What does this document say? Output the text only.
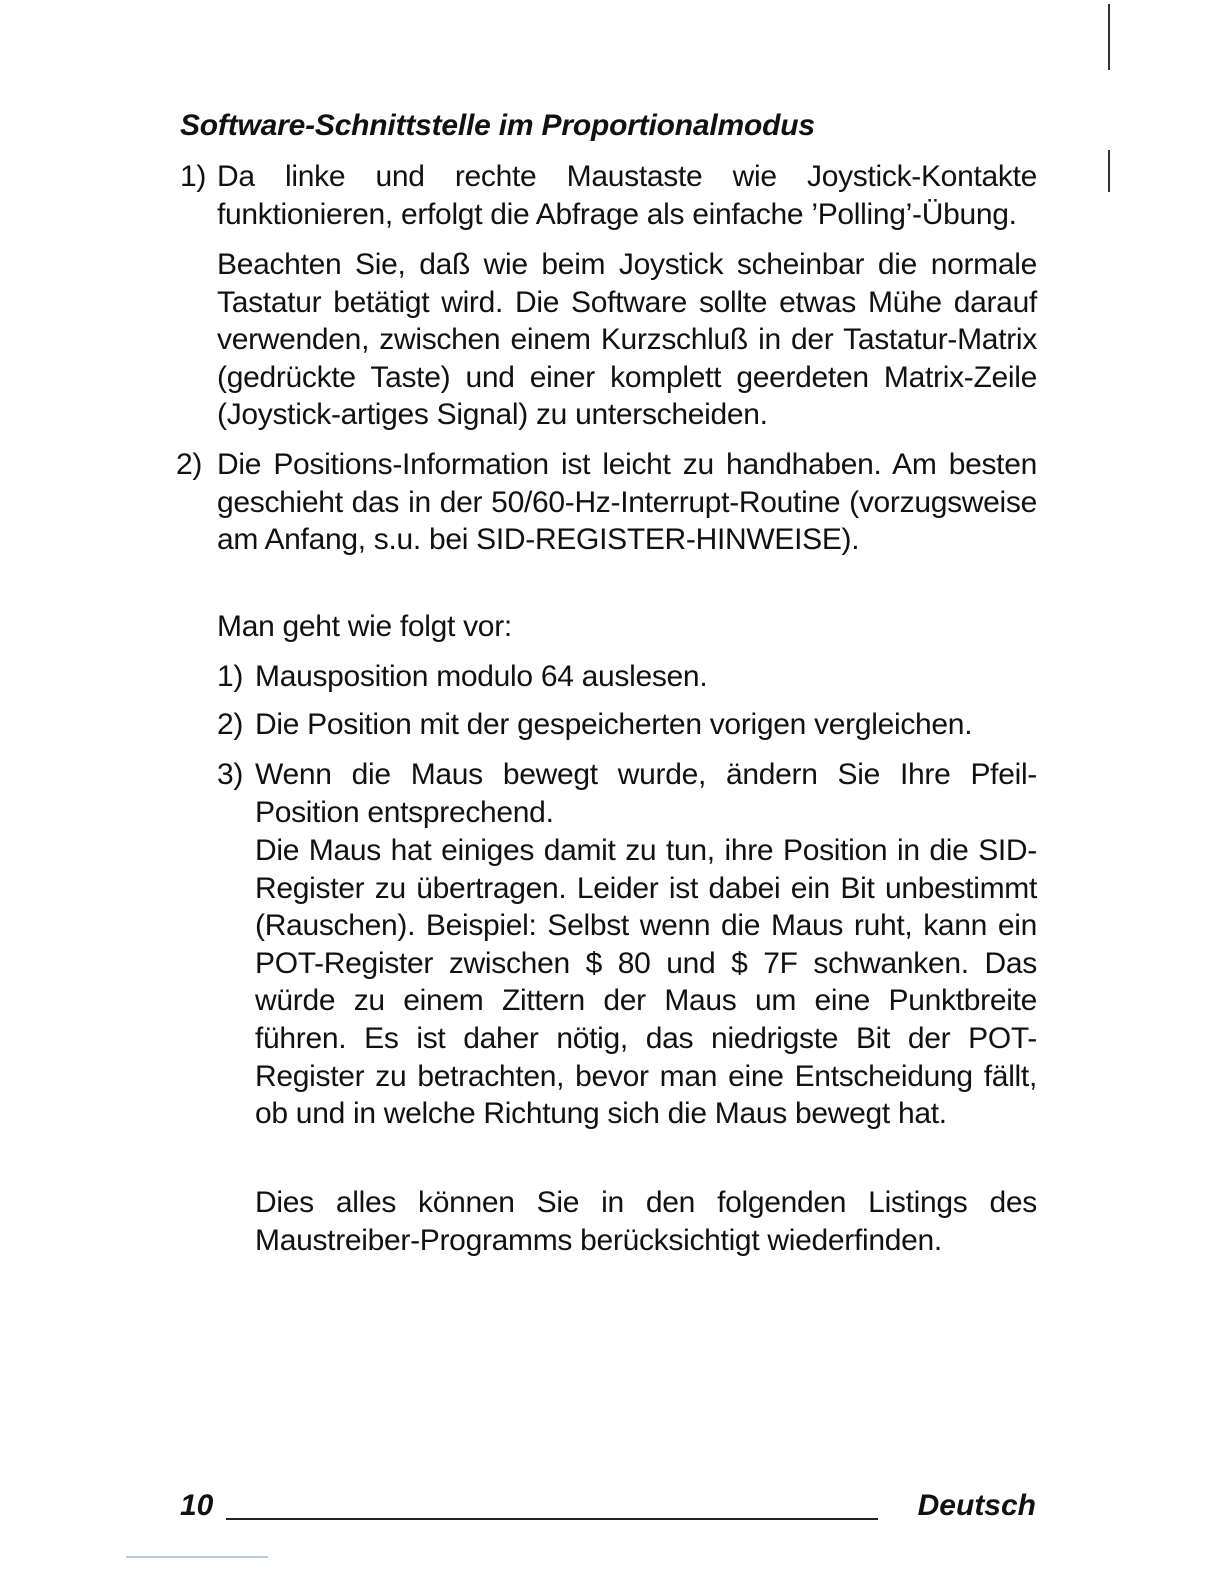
Software-Schnittstelle im Proportionalmodus
1) Da linke und rechte Maustaste wie Joystick-Kontakte funktionieren, erfolgt die Abfrage als einfache ’Polling’-Übung.
Beachten Sie, daß wie beim Joystick scheinbar die normale Tastatur betätigt wird. Die Software sollte etwas Mühe darauf verwenden, zwischen einem Kurzschluß in der Tastatur-Matrix (gedrückte Taste) und einer komplett geerdeten Matrix-Zeile (Joystick-artiges Signal) zu unterscheiden.
2) Die Positions-Information ist leicht zu handhaben. Am besten geschieht das in der 50/60-Hz-Interrupt-Routine (vorzugsweise am Anfang, s.u. bei SID-REGISTER-HINWEISE).
Man geht wie folgt vor:
1) Mausposition modulo 64 auslesen.
2) Die Position mit der gespeicherten vorigen vergleichen.
3) Wenn die Maus bewegt wurde, ändern Sie Ihre Pfeil-Position entsprechend.
Die Maus hat einiges damit zu tun, ihre Position in die SID-Register zu übertragen. Leider ist dabei ein Bit unbestimmt (Rauschen). Beispiel: Selbst wenn die Maus ruht, kann ein POT-Register zwischen $ 80 und $ 7F schwanken. Das würde zu einem Zittern der Maus um eine Punktbreite führen. Es ist daher nötig, das niedrigste Bit der POT-Register zu betrachten, bevor man eine Entscheidung fällt, ob und in welche Richtung sich die Maus bewegt hat.
Dies alles können Sie in den folgenden Listings des Maustreiber-Programms berücksichtigt wiederfinden.
10	Deutsch
